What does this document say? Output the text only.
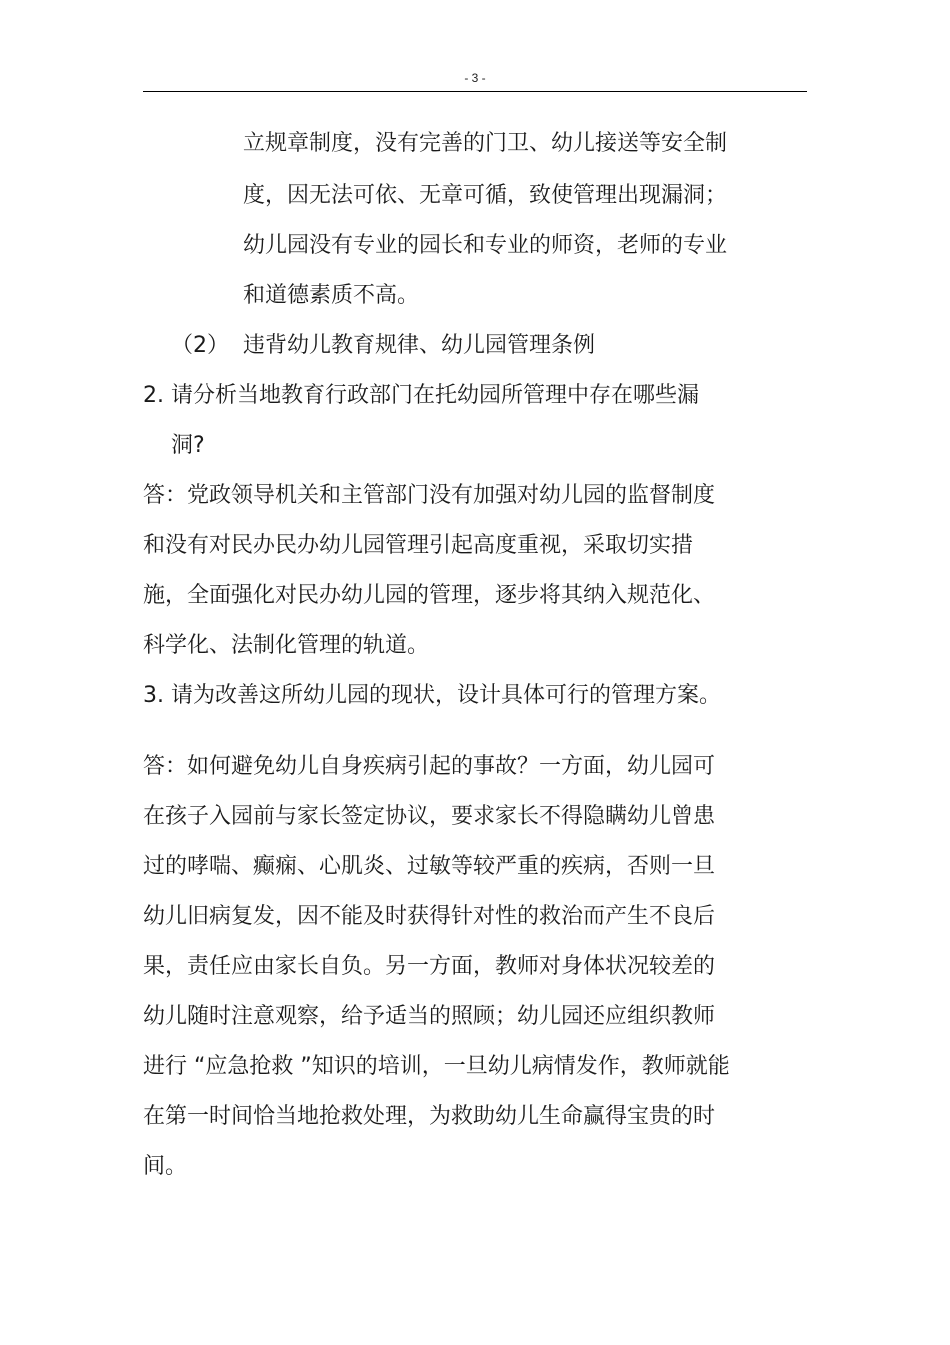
- 3 -
立规章制度，没有完善的门卫、幼儿接送等安全制
度，因无法可依、无章可循，致使管理出现漏洞；
幼儿园没有专业的园长和专业的师资，老师的专业
和道德素质不高。
（2） 违背幼儿教育规律、幼儿园管理条例
2. 请分析当地教育行政部门在托幼园所管理中存在哪些漏
洞?
答：党政领导机关和主管部门没有加强对幼儿园的监督制度
和没有对民办民办幼儿园管理引起高度重视，采取切实措
施，全面强化对民办幼儿园的管理，逐步将其纳入规范化、
科学化、法制化管理的轨道。
3. 请为改善这所幼儿园的现状，设计具体可行的管理方案。
答：如何避免幼儿自身疾病引起的事故？一方面，幼儿园可
在孩子入园前与家长签定协议，要求家长不得隐瞒幼儿曾患
过的哮喘、癫痫、心肌炎、过敏等较严重的疾病，否则一旦
幼儿旧病复发，因不能及时获得针对性的救治而产生不良后
果，责任应由家长自负。另一方面，教师对身体状况较差的
幼儿随时注意观察，给予适当的照顾；幼儿园还应组织教师
进行 “应急抢救 ”知识的培训，一旦幼儿病情发作，教师就能
在第一时间恰当地抢救处理，为救助幼儿生命赢得宝贵的时
间。
